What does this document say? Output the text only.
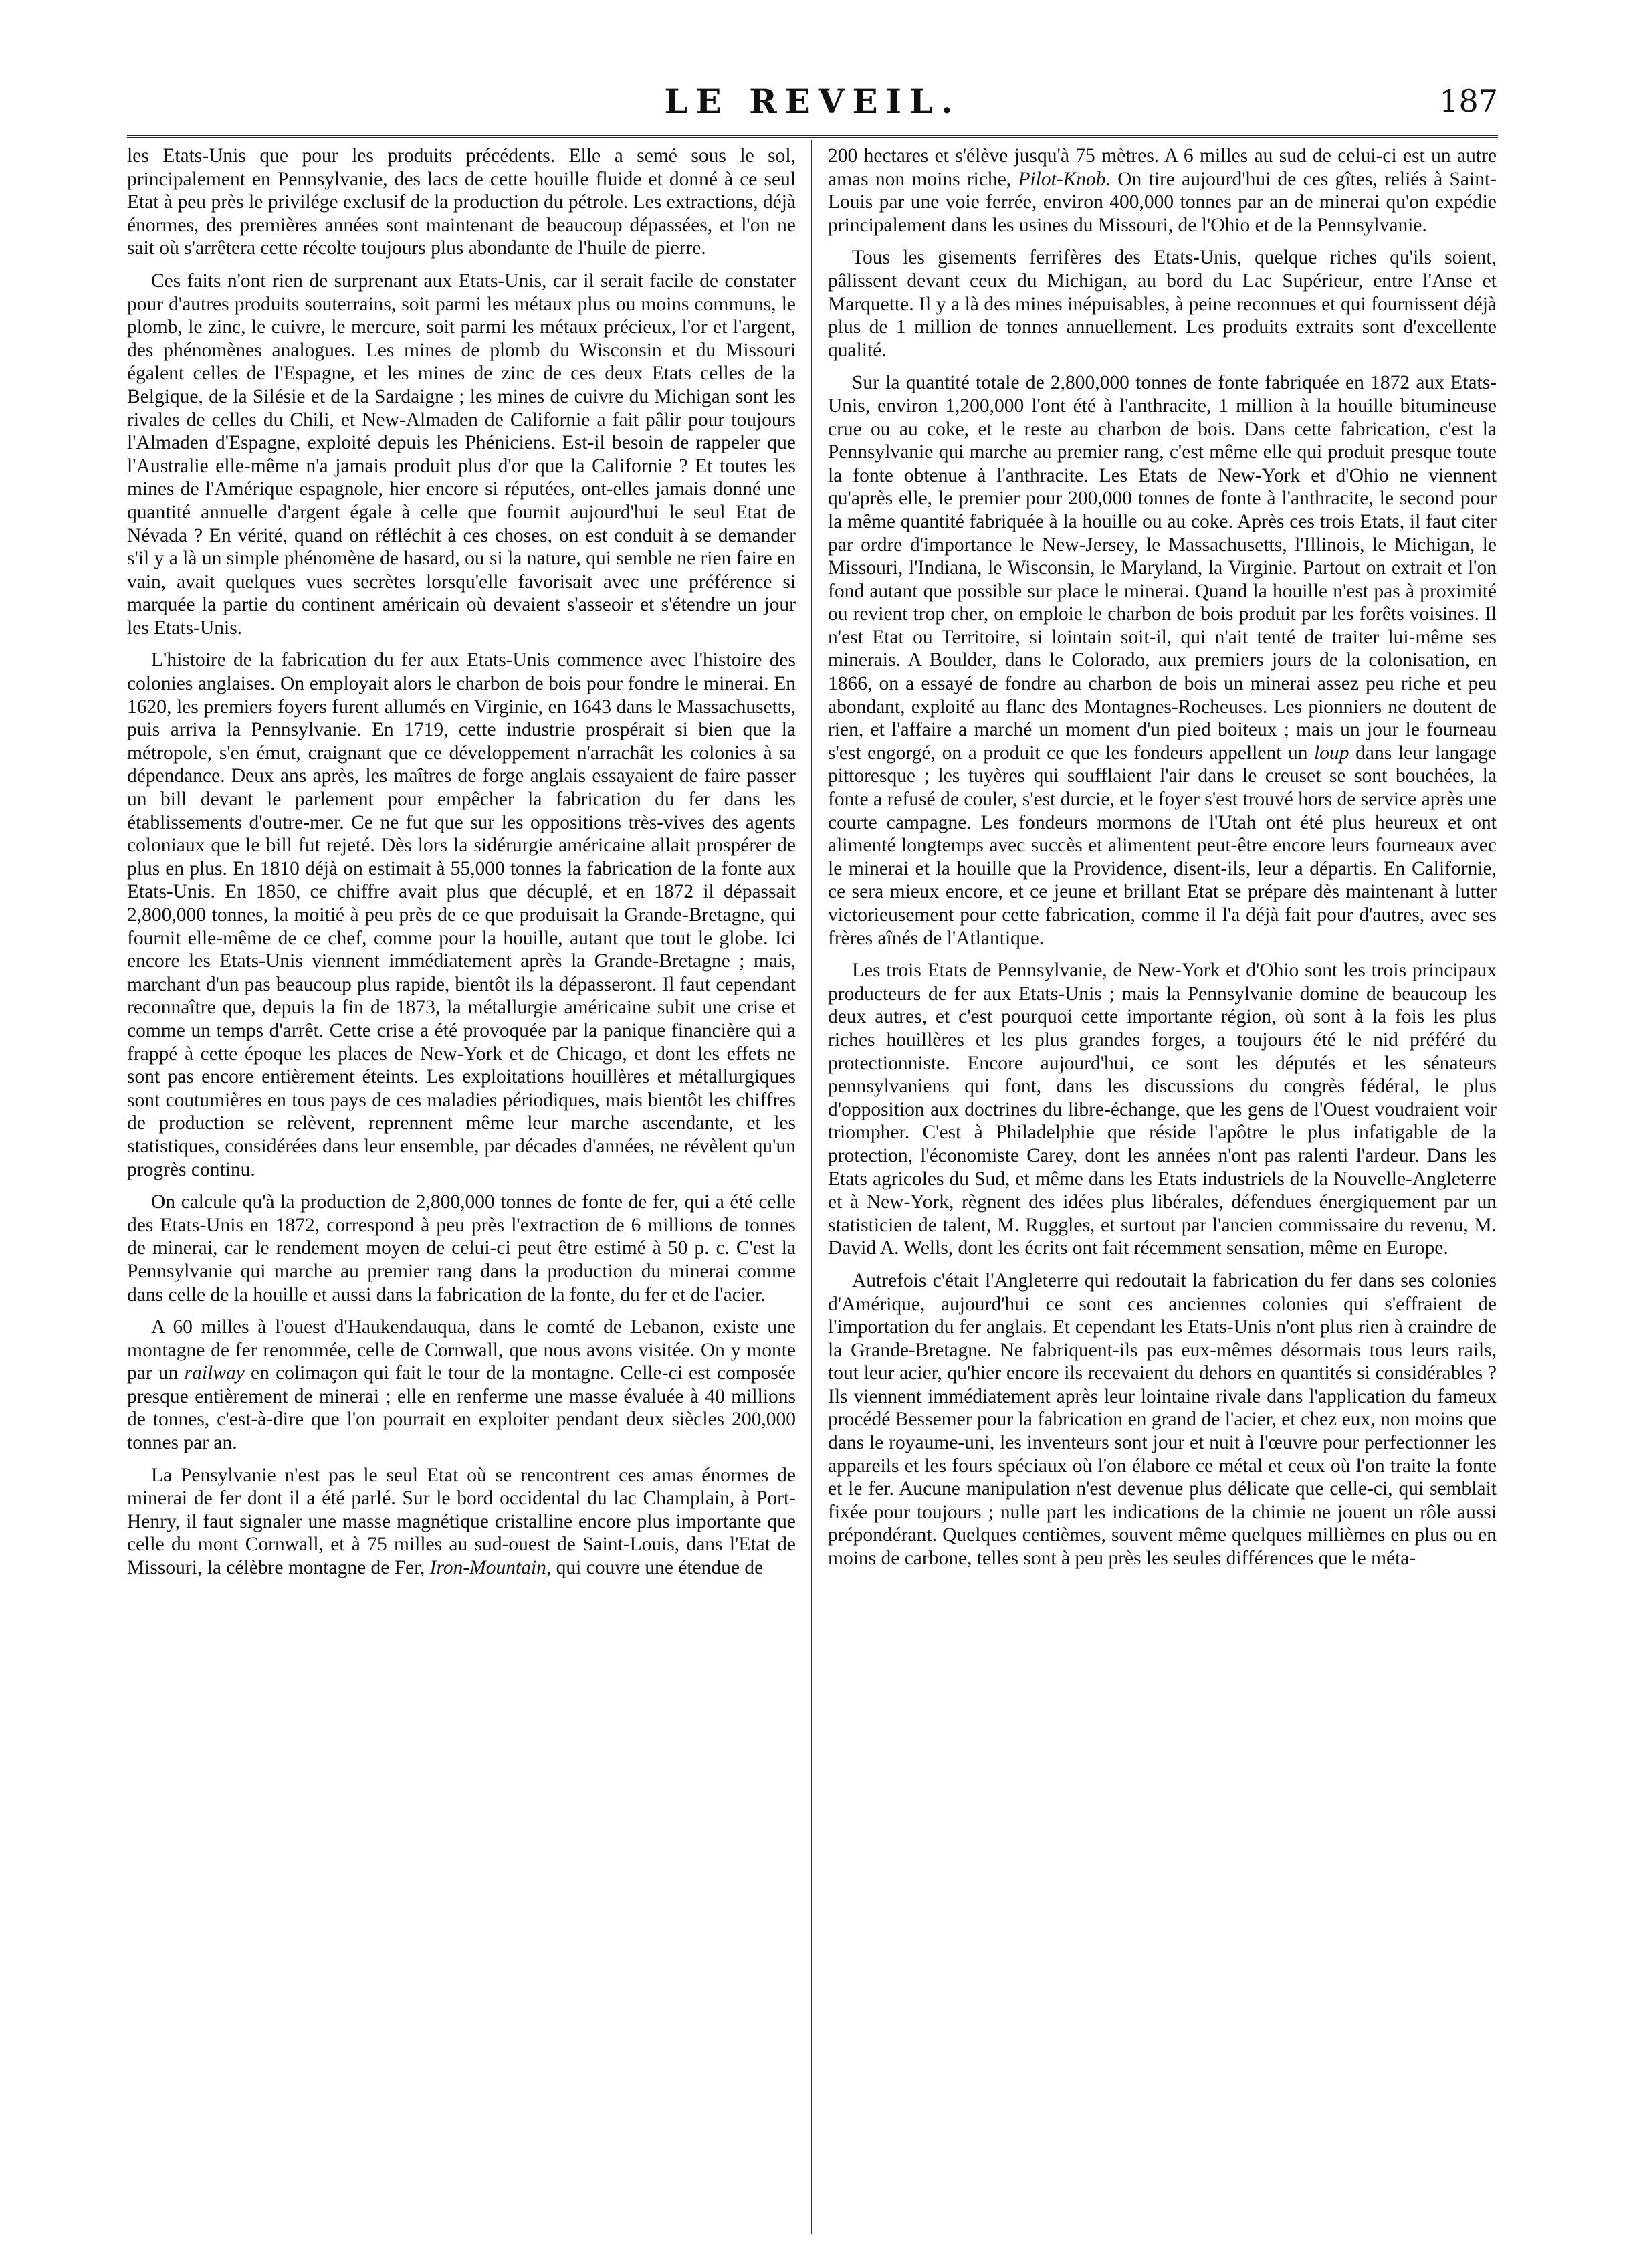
LE REVEIL.	187

les Etats-Unis que pour les produits précédents. Elle a semé sous le sol, principalement en Pennsylvanie, des lacs de cette houille fluide et donné à ce seul Etat à peu près le privilége exclusif de la production du pétrole. Les extractions, déjà énormes, des premières années sont maintenant de beaucoup dépassées, et l'on ne sait où s'arrêtera cette récolte toujours plus abondante de l'huile de pierre.

Ces faits n'ont rien de surprenant aux Etats-Unis, car il serait facile de constater pour d'autres produits souterrains, soit parmi les métaux plus ou moins communs, le plomb, le zinc, le cuivre, le mercure, soit parmi les métaux précieux, l'or et l'argent, des phénomènes analogues. Les mines de plomb du Wisconsin et du Missouri égalent celles de l'Espagne, et les mines de zinc de ces deux Etats celles de la Belgique, de la Silésie et de la Sardaigne ; les mines de cuivre du Michigan sont les rivales de celles du Chili, et New-Almaden de Californie a fait pâlir pour toujours l'Almaden d'Espagne, exploité depuis les Phéniciens. Est-il besoin de rappeler que l'Australie elle-même n'a jamais produit plus d'or que la Californie ? Et toutes les mines de l'Amérique espagnole, hier encore si réputées, ont-elles jamais donné une quantité annuelle d'argent égale à celle que fournit aujourd'hui le seul Etat de Névada ? En vérité, quand on réfléchit à ces choses, on est conduit à se demander s'il y a là un simple phénomène de hasard, ou si la nature, qui semble ne rien faire en vain, avait quelques vues secrètes lorsqu'elle favorisait avec une préférence si marquée la partie du continent américain où devaient s'asseoir et s'étendre un jour les Etats-Unis.

L'histoire de la fabrication du fer aux Etats-Unis commence avec l'histoire des colonies anglaises. On employait alors le charbon de bois pour fondre le minerai. En 1620, les premiers foyers furent allumés en Virginie, en 1643 dans le Massachusetts, puis arriva la Pennsylvanie. En 1719, cette industrie prospérait si bien que la métropole, s'en émut, craignant que ce développement n'arrachât les colonies à sa dépendance. Deux ans après, les maîtres de forge anglais essayaient de faire passer un bill devant le parlement pour empêcher la fabrication du fer dans les établissements d'outre-mer. Ce ne fut que sur les oppositions très-vives des agents coloniaux que le bill fut rejeté. Dès lors la sidérurgie américaine allait prospérer de plus en plus. En 1810 déjà on estimait à 55,000 tonnes la fabrication de la fonte aux Etats-Unis. En 1850, ce chiffre avait plus que décuplé, et en 1872 il dépassait 2,800,000 tonnes, la moitié à peu près de ce que produisait la Grande-Bretagne, qui fournit elle-même de ce chef, comme pour la houille, autant que tout le globe. Ici encore les Etats-Unis viennent immédiatement après la Grande-Bretagne ; mais, marchant d'un pas beaucoup plus rapide, bientôt ils la dépasseront. Il faut cependant reconnaître que, depuis la fin de 1873, la métallurgie américaine subit une crise et comme un temps d'arrêt. Cette crise a été provoquée par la panique financière qui a frappé à cette époque les places de New-York et de Chicago, et dont les effets ne sont pas encore entièrement éteints. Les exploitations houillères et métallurgiques sont coutumières en tous pays de ces maladies périodiques, mais bientôt les chiffres de production se relèvent, reprennent même leur marche ascendante, et les statistiques, considérées dans leur ensemble, par décades d'années, ne révèlent qu'un progrès continu.

On calcule qu'à la production de 2,800,000 tonnes de fonte de fer, qui a été celle des Etats-Unis en 1872, correspond à peu près l'extraction de 6 millions de tonnes de minerai, car le rendement moyen de celui-ci peut être estimé à 50 p. c. C'est la Pennsylvanie qui marche au premier rang dans la production du minerai comme dans celle de la houille et aussi dans la fabrication de la fonte, du fer et de l'acier.

A 60 milles à l'ouest d'Haukendauqua, dans le comté de Lebanon, existe une montagne de fer renommée, celle de Cornwall, que nous avons visitée. On y monte par un railway en colimaçon qui fait le tour de la montagne. Celle-ci est composée presque entièrement de minerai ; elle en renferme une masse évaluée à 40 millions de tonnes, c'est-à-dire que l'on pourrait en exploiter pendant deux siècles 200,000 tonnes par an.

La Pensylvanie n'est pas le seul Etat où se rencontrent ces amas énormes de minerai de fer dont il a été parlé. Sur le bord occidental du lac Champlain, à Port-Henry, il faut signaler une masse magnétique cristalline encore plus importante que celle du mont Cornwall, et à 75 milles au sud-ouest de Saint-Louis, dans l'Etat de Missouri, la célèbre montagne de Fer, Iron-Mountain, qui couvre une étendue de

200 hectares et s'élève jusqu'à 75 mètres. A 6 milles au sud de celui-ci est un autre amas non moins riche, Pilot-Knob. On tire aujourd'hui de ces gîtes, reliés à Saint-Louis par une voie ferrée, environ 400,000 tonnes par an de minerai qu'on expédie principalement dans les usines du Missouri, de l'Ohio et de la Pennsylvanie.

Tous les gisements ferrifères des Etats-Unis, quelque riches qu'ils soient, pâlissent devant ceux du Michigan, au bord du Lac Supérieur, entre l'Anse et Marquette. Il y a là des mines inépuisables, à peine reconnues et qui fournissent déjà plus de 1 million de tonnes annuellement. Les produits extraits sont d'excellente qualité.

Sur la quantité totale de 2,800,000 tonnes de fonte fabriquée en 1872 aux Etats-Unis, environ 1,200,000 l'ont été à l'anthracite, 1 million à la houille bitumineuse crue ou au coke, et le reste au charbon de bois. Dans cette fabrication, c'est la Pennsylvanie qui marche au premier rang, c'est même elle qui produit presque toute la fonte obtenue à l'anthracite. Les Etats de New-York et d'Ohio ne viennent qu'après elle, le premier pour 200,000 tonnes de fonte à l'anthracite, le second pour la même quantité fabriquée à la houille ou au coke. Après ces trois Etats, il faut citer par ordre d'importance le New-Jersey, le Massachusetts, l'Illinois, le Michigan, le Missouri, l'Indiana, le Wisconsin, le Maryland, la Virginie. Partout on extrait et l'on fond autant que possible sur place le minerai. Quand la houille n'est pas à proximité ou revient trop cher, on emploie le charbon de bois produit par les forêts voisines. Il n'est Etat ou Territoire, si lointain soit-il, qui n'ait tenté de traiter lui-même ses minerais. A Boulder, dans le Colorado, aux premiers jours de la colonisation, en 1866, on a essayé de fondre au charbon de bois un minerai assez peu riche et peu abondant, exploité au flanc des Montagnes-Rocheuses. Les pionniers ne doutent de rien, et l'affaire a marché un moment d'un pied boiteux ; mais un jour le fourneau s'est engorgé, on a produit ce que les fondeurs appellent un loup dans leur langage pittoresque ; les tuyères qui soufflaient l'air dans le creuset se sont bouchées, la fonte a refusé de couler, s'est durcie, et le foyer s'est trouvé hors de service après une courte campagne. Les fondeurs mormons de l'Utah ont été plus heureux et ont alimenté longtemps avec succès et alimentent peut-être encore leurs fourneaux avec le minerai et la houille que la Providence, disent-ils, leur a départis. En Californie, ce sera mieux encore, et ce jeune et brillant Etat se prépare dès maintenant à lutter victorieusement pour cette fabrication, comme il l'a déjà fait pour d'autres, avec ses frères aînés de l'Atlantique.

Les trois Etats de Pennsylvanie, de New-York et d'Ohio sont les trois principaux producteurs de fer aux Etats-Unis ; mais la Pennsylvanie domine de beaucoup les deux autres, et c'est pourquoi cette importante région, où sont à la fois les plus riches houillères et les plus grandes forges, a toujours été le nid préféré du protectionniste. Encore aujourd'hui, ce sont les députés et les sénateurs pennsylvaniens qui font, dans les discussions du congrès fédéral, le plus d'opposition aux doctrines du libre-échange, que les gens de l'Ouest voudraient voir triompher. C'est à Philadelphie que réside l'apôtre le plus infatigable de la protection, l'économiste Carey, dont les années n'ont pas ralenti l'ardeur. Dans les Etats agricoles du Sud, et même dans les Etats industriels de la Nouvelle-Angleterre et à New-York, règnent des idées plus libérales, défendues énergiquement par un statisticien de talent, M. Ruggles, et surtout par l'ancien commissaire du revenu, M. David A. Wells, dont les écrits ont fait récemment sensation, même en Europe.

Autrefois c'était l'Angleterre qui redoutait la fabrication du fer dans ses colonies d'Amérique, aujourd'hui ce sont ces anciennes colonies qui s'effraient de l'importation du fer anglais. Et cependant les Etats-Unis n'ont plus rien à craindre de la Grande-Bretagne. Ne fabriquent-ils pas eux-mêmes désormais tous leurs rails, tout leur acier, qu'hier encore ils recevaient du dehors en quantités si considérables ? Ils viennent immédiatement après leur lointaine rivale dans l'application du fameux procédé Bessemer pour la fabrication en grand de l'acier, et chez eux, non moins que dans le royaume-uni, les inventeurs sont jour et nuit à l'œuvre pour perfectionner les appareils et les fours spéciaux où l'on élabore ce métal et ceux où l'on traite la fonte et le fer. Aucune manipulation n'est devenue plus délicate que celle-ci, qui semblait fixée pour toujours ; nulle part les indications de la chimie ne jouent un rôle aussi prépondérant. Quelques centièmes, souvent même quelques millièmes en plus ou en moins de carbone, telles sont à peu près les seules différences que le méta-
